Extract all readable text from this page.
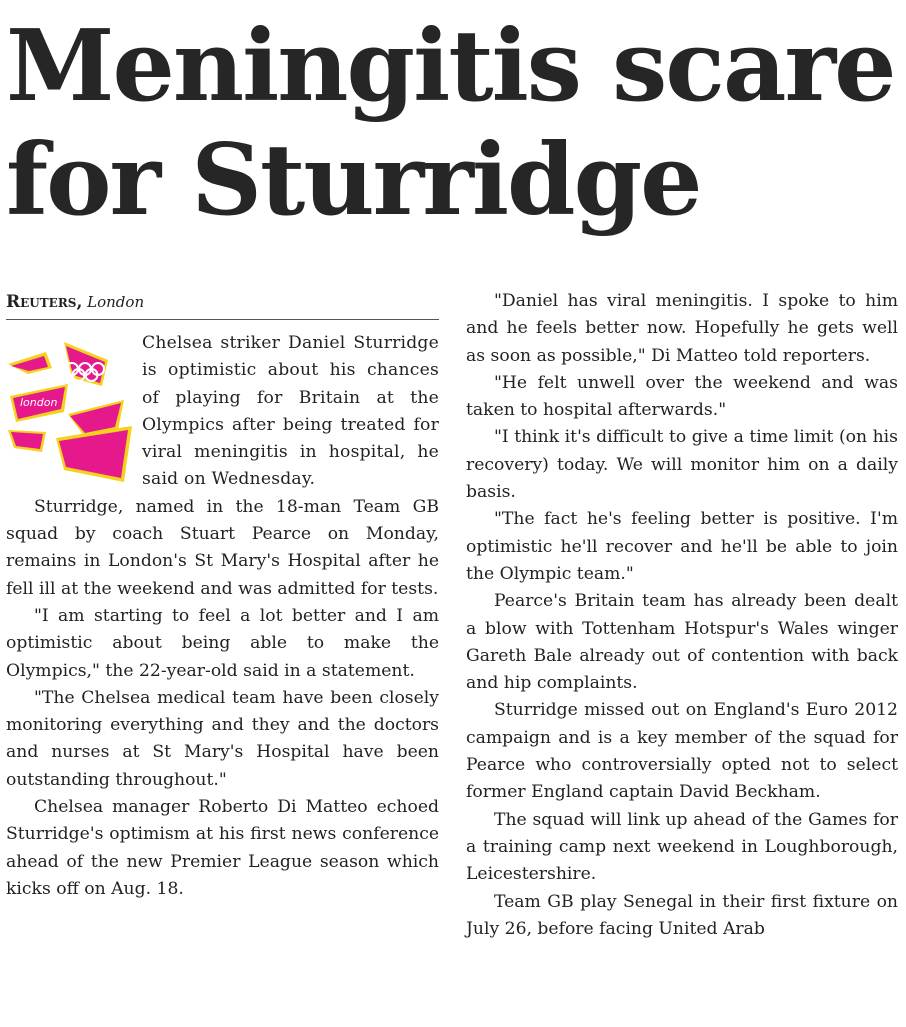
Meningitis scare for Sturridge
Reuters, London
london

Chelsea striker Daniel Sturridge is optimistic about his chances of playing for Britain at the Olympics after being treated for viral meningitis in hospital, he said on Wednesday.

Sturridge, named in the 18-man Team GB squad by coach Stuart Pearce on Monday, remains in London's St Mary's Hospital after he fell ill at the weekend and was admitted for tests.

"I am starting to feel a lot better and I am optimistic about being able to make the Olympics," the 22-year-old said in a statement.

"The Chelsea medical team have been closely monitoring everything and they and the doctors and nurses at St Mary's Hospital have been outstanding throughout."

Chelsea manager Roberto Di Matteo echoed Sturridge's optimism at his first news conference ahead of the new Premier League season which kicks off on Aug. 18.

"Daniel has viral meningitis. I spoke to him and he feels better now. Hopefully he gets well as soon as possible," Di Matteo told reporters.

"He felt unwell over the weekend and was taken to hospital afterwards."

"I think it's difficult to give a time limit (on his recovery) today. We will monitor him on a daily basis.

"The fact he's feeling better is positive. I'm optimistic he'll recover and he'll be able to join the Olympic team."

Pearce's Britain team has already been dealt a blow with Tottenham Hotspur's Wales winger Gareth Bale already out of contention with back and hip complaints.

Sturridge missed out on England's Euro 2012 campaign and is a key member of the squad for Pearce who controversially opted not to select former England captain David Beckham.

The squad will link up ahead of the Games for a training camp next weekend in Loughborough, Leicestershire.

Team GB play Senegal in their first fixture on July 26, before facing United Arab
